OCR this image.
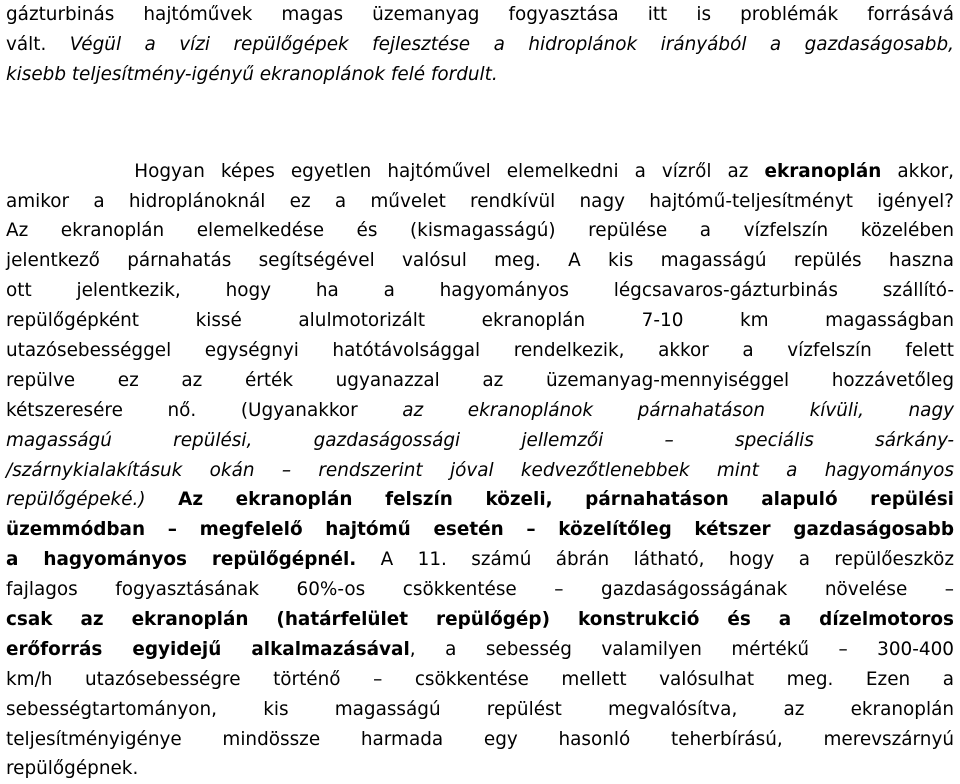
gázturbinás hajtóművek magas üzemanyag fogyasztása itt is problémák forrásává
vált. Végül a vízi repülőgépek fejlesztése a hidroplánok irányából a gazdaságosabb,
kisebb teljesítmény-igényű ekranoplánok felé fordult.
Hogyan képes egyetlen hajtóművel elemelkedni a vízről az ekranoplán akkor,
amikor a hidroplánoknál ez a művelet rendkívül nagy hajtómű-teljesítményt igényel?
Az ekranoplán elemelkedése és (kismagasságú) repülése a vízfelszín közelében
jelentkező párnahatás segítségével valósul meg. A kis magasságú repülés haszna
ott jelentkezik, hogy ha a hagyományos légcsavaros-gázturbinás szállító-
repülőgépként kissé alulmotorizált ekranoplán 7-10 km magasságban
utazósebességgel egységnyi hatótávolsággal rendelkezik, akkor a vízfelszín felett
repülve ez az érték ugyanazzal az üzemanyag-mennyiséggel hozzávetőleg
kétszeresére nő. (Ugyanakkor az ekranoplánok párnahatáson kívüli, nagy
magasságú repülési, gazdaságossági jellemzői – speciális sárkány-
/szárnykialakításuk okán – rendszerint jóval kedvezőtlenebbek mint a hagyományos
repülőgépeké.) Az ekranoplán felszín közeli, párnahatáson alapuló repülési
üzemmódban – megfelelő hajtómű esetén – közelítőleg kétszer gazdaságosabb
a hagyományos repülőgépnél. A 11. számú ábrán látható, hogy a repülőeszköz
fajlagos fogyasztásának 60%-os csökkentése – gazdaságosságának növelése –
csak az ekranoplán (határfelület repülőgép) konstrukció és a dízelmotoros
erőforrás egyidejű alkalmazásával, a sebesség valamilyen mértékű – 300-400
km/h utazósebességre történő – csökkentése mellett valósulhat meg. Ezen a
sebességtartományon, kis magasságú repülést megvalósítva, az ekranoplán
teljesítményigénye mindössze harmada egy hasonló teherbírású, merevszárnyú
repülőgépnek.
